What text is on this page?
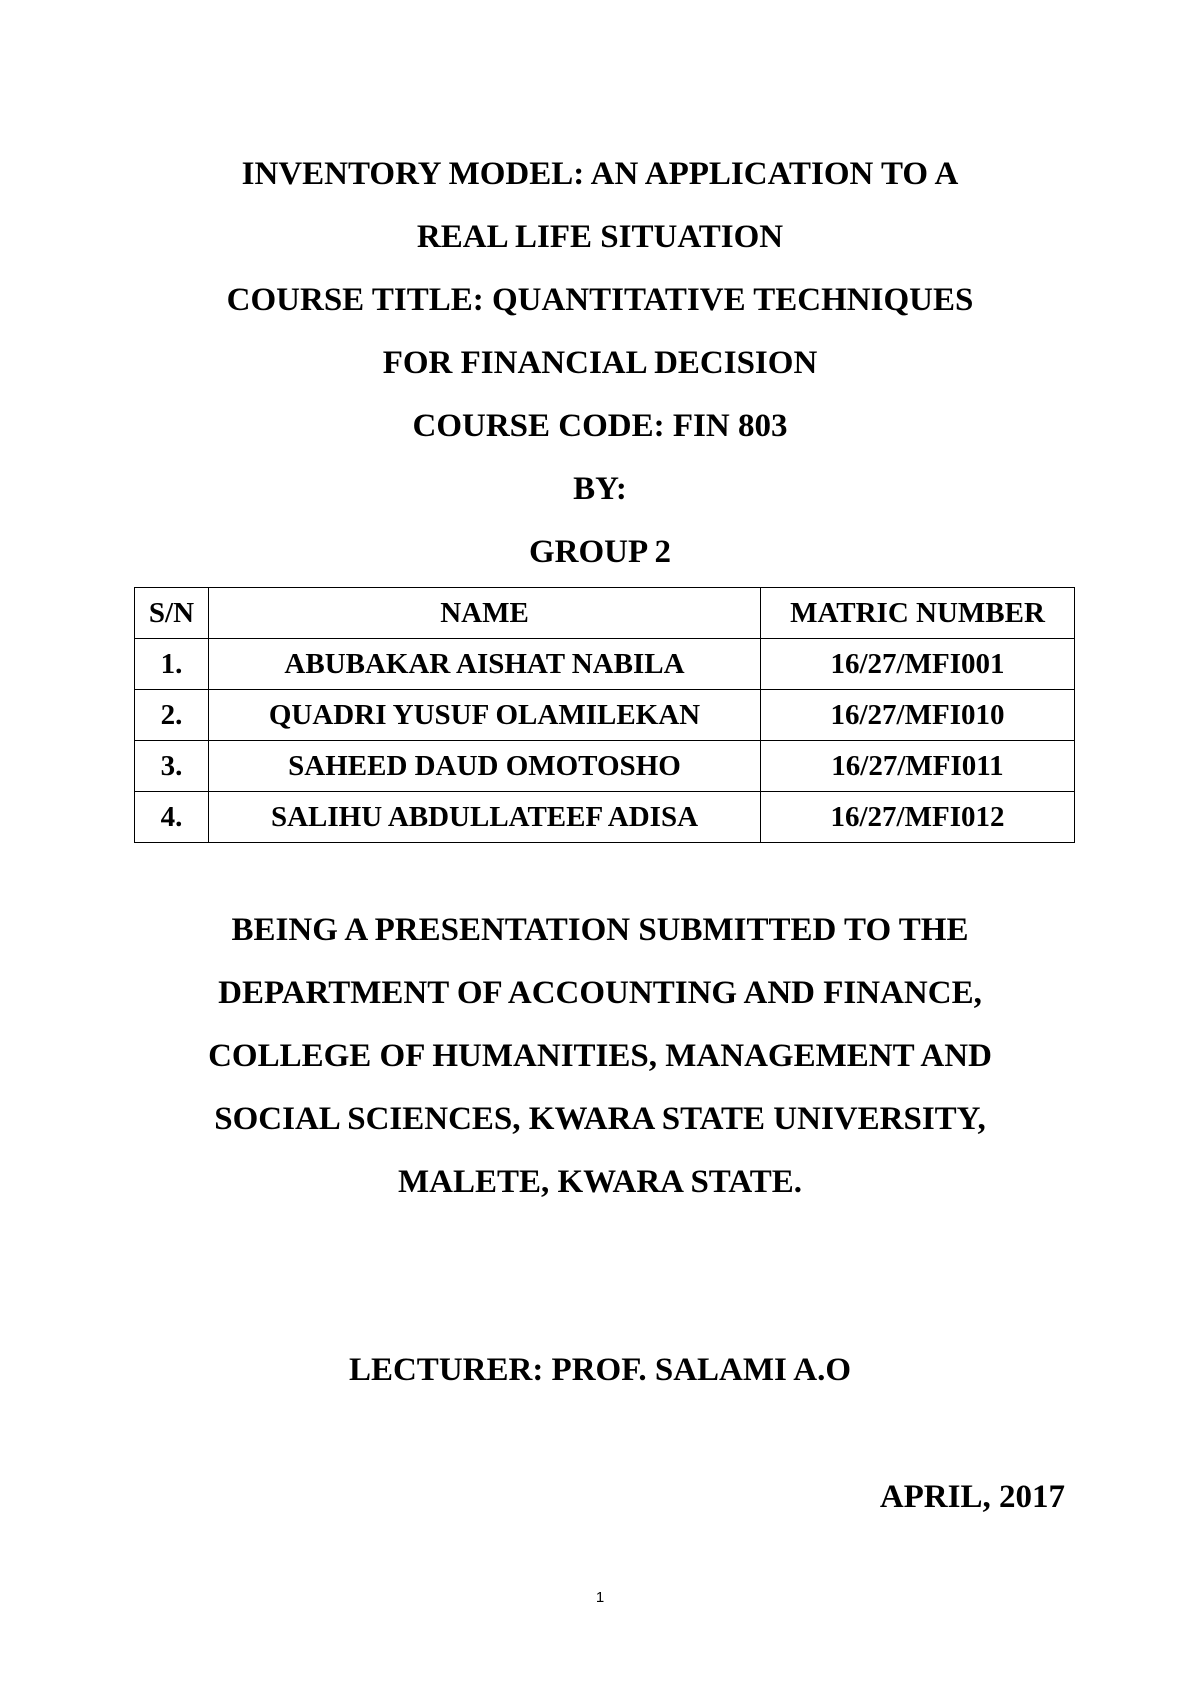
INVENTORY MODEL: AN APPLICATION TO A
REAL LIFE SITUATION
COURSE TITLE: QUANTITATIVE TECHNIQUES
FOR FINANCIAL DECISION
COURSE CODE: FIN 803
BY:
GROUP 2
S/N	NAME	MATRIC NUMBER
1.	ABUBAKAR AISHAT NABILA	16/27/MFI001
2.	QUADRI YUSUF OLAMILEKAN	16/27/MFI010
3.	SAHEED DAUD OMOTOSHO	16/27/MFI011
4.	SALIHU ABDULLATEEF ADISA	16/27/MFI012
BEING A PRESENTATION SUBMITTED TO THE
DEPARTMENT OF ACCOUNTING AND FINANCE,
COLLEGE OF HUMANITIES, MANAGEMENT AND
SOCIAL SCIENCES, KWARA STATE UNIVERSITY,
MALETE, KWARA STATE.
LECTURER: PROF. SALAMI A.O
APRIL, 2017
1
